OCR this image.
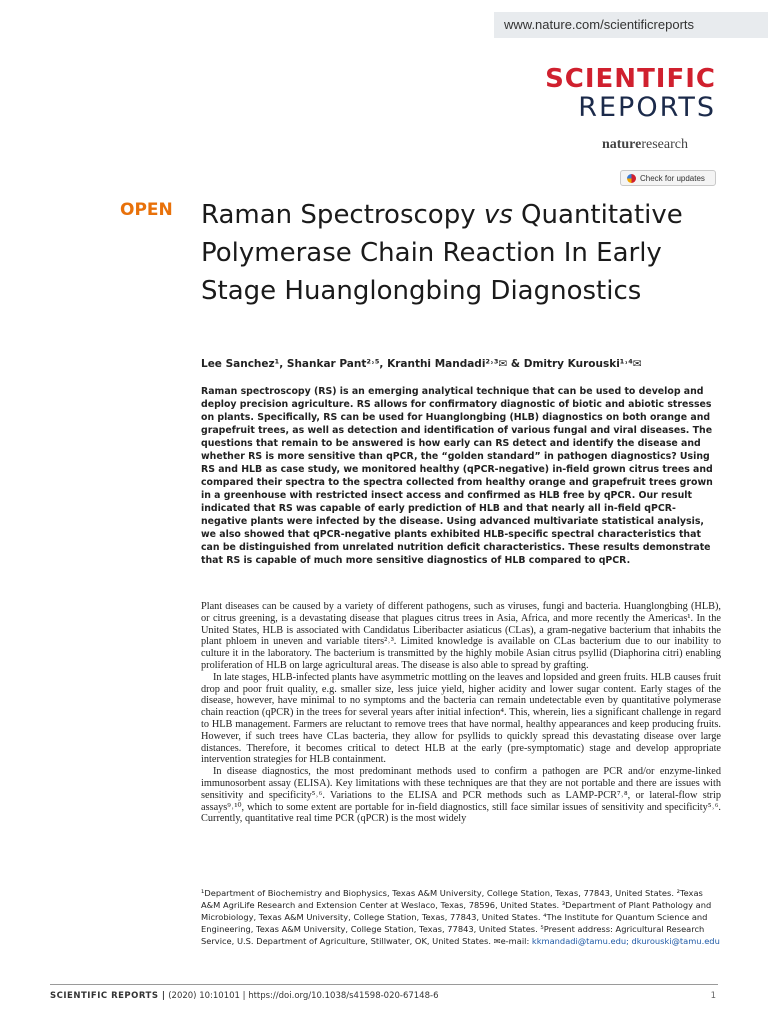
www.nature.com/scientificreports
SCIENTIFIC
REPORTS
natureresearch
Check for updates
OPEN Raman Spectroscopy vs Quantitative Polymerase Chain Reaction In Early Stage Huanglongbing Diagnostics
Lee Sanchez¹, Shankar Pant²˒⁵, Kranthi Mandadi²˒³✉ & Dmitry Kurouski¹˒⁴✉
Raman spectroscopy (RS) is an emerging analytical technique that can be used to develop and deploy precision agriculture. RS allows for confirmatory diagnostic of biotic and abiotic stresses on plants. Specifically, RS can be used for Huanglongbing (HLB) diagnostics on both orange and grapefruit trees, as well as detection and identification of various fungal and viral diseases. The questions that remain to be answered is how early can RS detect and identify the disease and whether RS is more sensitive than qPCR, the “golden standard” in pathogen diagnostics? Using RS and HLB as case study, we monitored healthy (qPCR-negative) in-field grown citrus trees and compared their spectra to the spectra collected from healthy orange and grapefruit trees grown in a greenhouse with restricted insect access and confirmed as HLB free by qPCR. Our result indicated that RS was capable of early prediction of HLB and that nearly all in-field qPCR-negative plants were infected by the disease. Using advanced multivariate statistical analysis, we also showed that qPCR-negative plants exhibited HLB-specific spectral characteristics that can be distinguished from unrelated nutrition deficit characteristics. These results demonstrate that RS is capable of much more sensitive diagnostics of HLB compared to qPCR.

Plant diseases can be caused by a variety of different pathogens, such as viruses, fungi and bacteria. Huanglongbing (HLB), or citrus greening, is a devastating disease that plagues citrus trees in Asia, Africa, and more recently the Americas¹. In the United States, HLB is associated with Candidatus Liberibacter asiaticus (CLas), a gram-negative bacterium that inhabits the plant phloem in uneven and variable titers²˒³. Limited knowledge is available on CLas bacterium due to our inability to culture it in the laboratory. The bacterium is transmitted by the highly mobile Asian citrus psyllid (Diaphorina citri) enabling proliferation of HLB on large agricultural areas. The disease is also able to spread by grafting.

In late stages, HLB-infected plants have asymmetric mottling on the leaves and lopsided and green fruits. HLB causes fruit drop and poor fruit quality, e.g. smaller size, less juice yield, higher acidity and lower sugar content. Early stages of the disease, however, have minimal to no symptoms and the bacteria can remain undetectable even by quantitative polymerase chain reaction (qPCR) in the trees for several years after initial infection⁴. This, wherein, lies a significant challenge in regard to HLB management. Farmers are reluctant to remove trees that have normal, healthy appearances and keep producing fruits. However, if such trees have CLas bacteria, they allow for psyllids to quickly spread this devastating disease over large distances. Therefore, it becomes critical to detect HLB at the early (pre-symptomatic) stage and develop appropriate intervention strategies for HLB containment.

In disease diagnostics, the most predominant methods used to confirm a pathogen are PCR and/or enzyme-linked immunosorbent assay (ELISA). Key limitations with these techniques are that they are not portable and there are issues with sensitivity and specificity⁵˒⁶. Variations to the ELISA and PCR methods such as LAMP-PCR⁷˒⁸, or lateral-flow strip assays⁹˒¹⁰, which to some extent are portable for in-field diagnostics, still face similar issues of sensitivity and specificity⁵˒⁶. Currently, quantitative real time PCR (qPCR) is the most widely

¹Department of Biochemistry and Biophysics, Texas A&M University, College Station, Texas, 77843, United States. ²Texas A&M AgriLife Research and Extension Center at Weslaco, Texas, 78596, United States. ³Department of Plant Pathology and Microbiology, Texas A&M University, College Station, Texas, 77843, United States. ⁴The Institute for Quantum Science and Engineering, Texas A&M University, College Station, Texas, 77843, United States. ⁵Present address: Agricultural Research Service, U.S. Department of Agriculture, Stillwater, OK, United States. ✉e-mail: kkmandadi@tamu.edu; dkurouski@tamu.edu
SCIENTIFIC REPORTS | (2020) 10:10101 | https://doi.org/10.1038/s41598-020-67148-6	1
